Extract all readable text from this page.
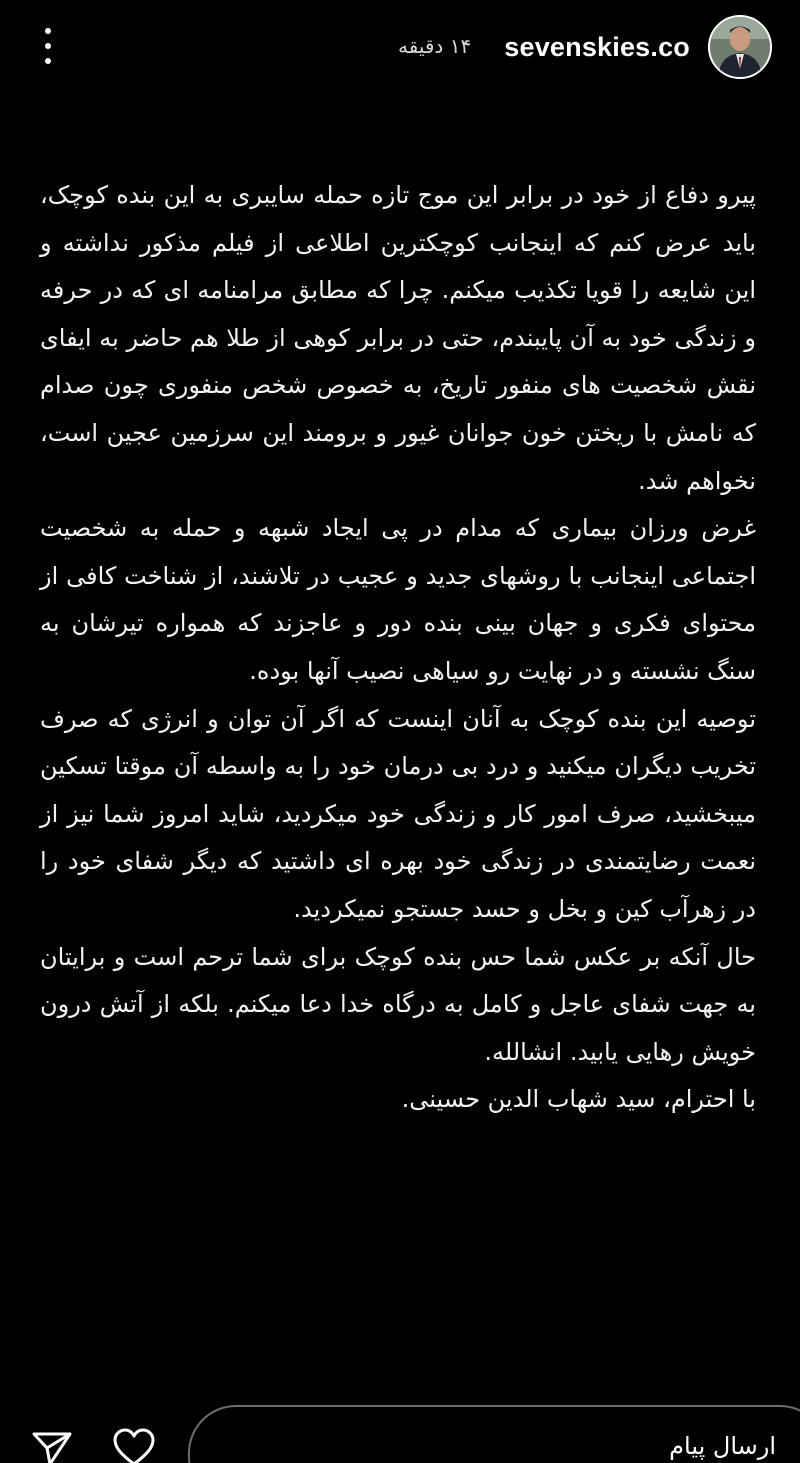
sevenskies.co
۱۴ دقیقه

پیرو دفاع از خود در برابر این موج تازه حمله سایبری به این بنده کوچک، باید عرض کنم که اینجانب کوچکترین اطلاعی از فیلم مذکور نداشته و این شایعه را قویا تکذیب میکنم. چرا که مطابق مرامنامه ای که در حرفه و زندگی خود به آن پایبندم، حتی در برابر کوهی از طلا هم حاضر به ایفای نقش شخصیت های منفور تاریخ، به خصوص شخص منفوری چون صدام که نامش با ریختن خون جوانان غیور و برومند این سرزمین عجین است، نخواهم شد.

غرض ورزان بیماری که مدام در پی ایجاد شبهه و حمله به شخصیت اجتماعی اینجانب با روشهای جدید و عجیب در تلاشند، از شناخت کافی از محتوای فکری و جهان بینی بنده دور و عاجزند که همواره تیرشان به سنگ نشسته و در نهایت رو سیاهی نصیب آنها بوده.

توصیه این بنده کوچک به آنان اینست که اگر آن توان و انرژی که صرف تخریب دیگران میکنید و درد بی درمان خود را به واسطه آن موقتا تسکین میبخشید، صرف امور کار و زندگی خود میکردید، شاید امروز شما نیز از نعمت رضایتمندی در زندگی خود بهره ای داشتید که دیگر شفای خود را در زهرآب کین و بخل و حسد جستجو نمیکردید.

حال آنکه بر عکس شما حس بنده کوچک برای شما ترحم است و برایتان به جهت شفای عاجل و کامل به درگاه خدا دعا میکنم. بلکه از آتش درون خویش رهایی یابید. انشالله.

با احترام، سید شهاب الدین حسینی.

ارسال پیام
